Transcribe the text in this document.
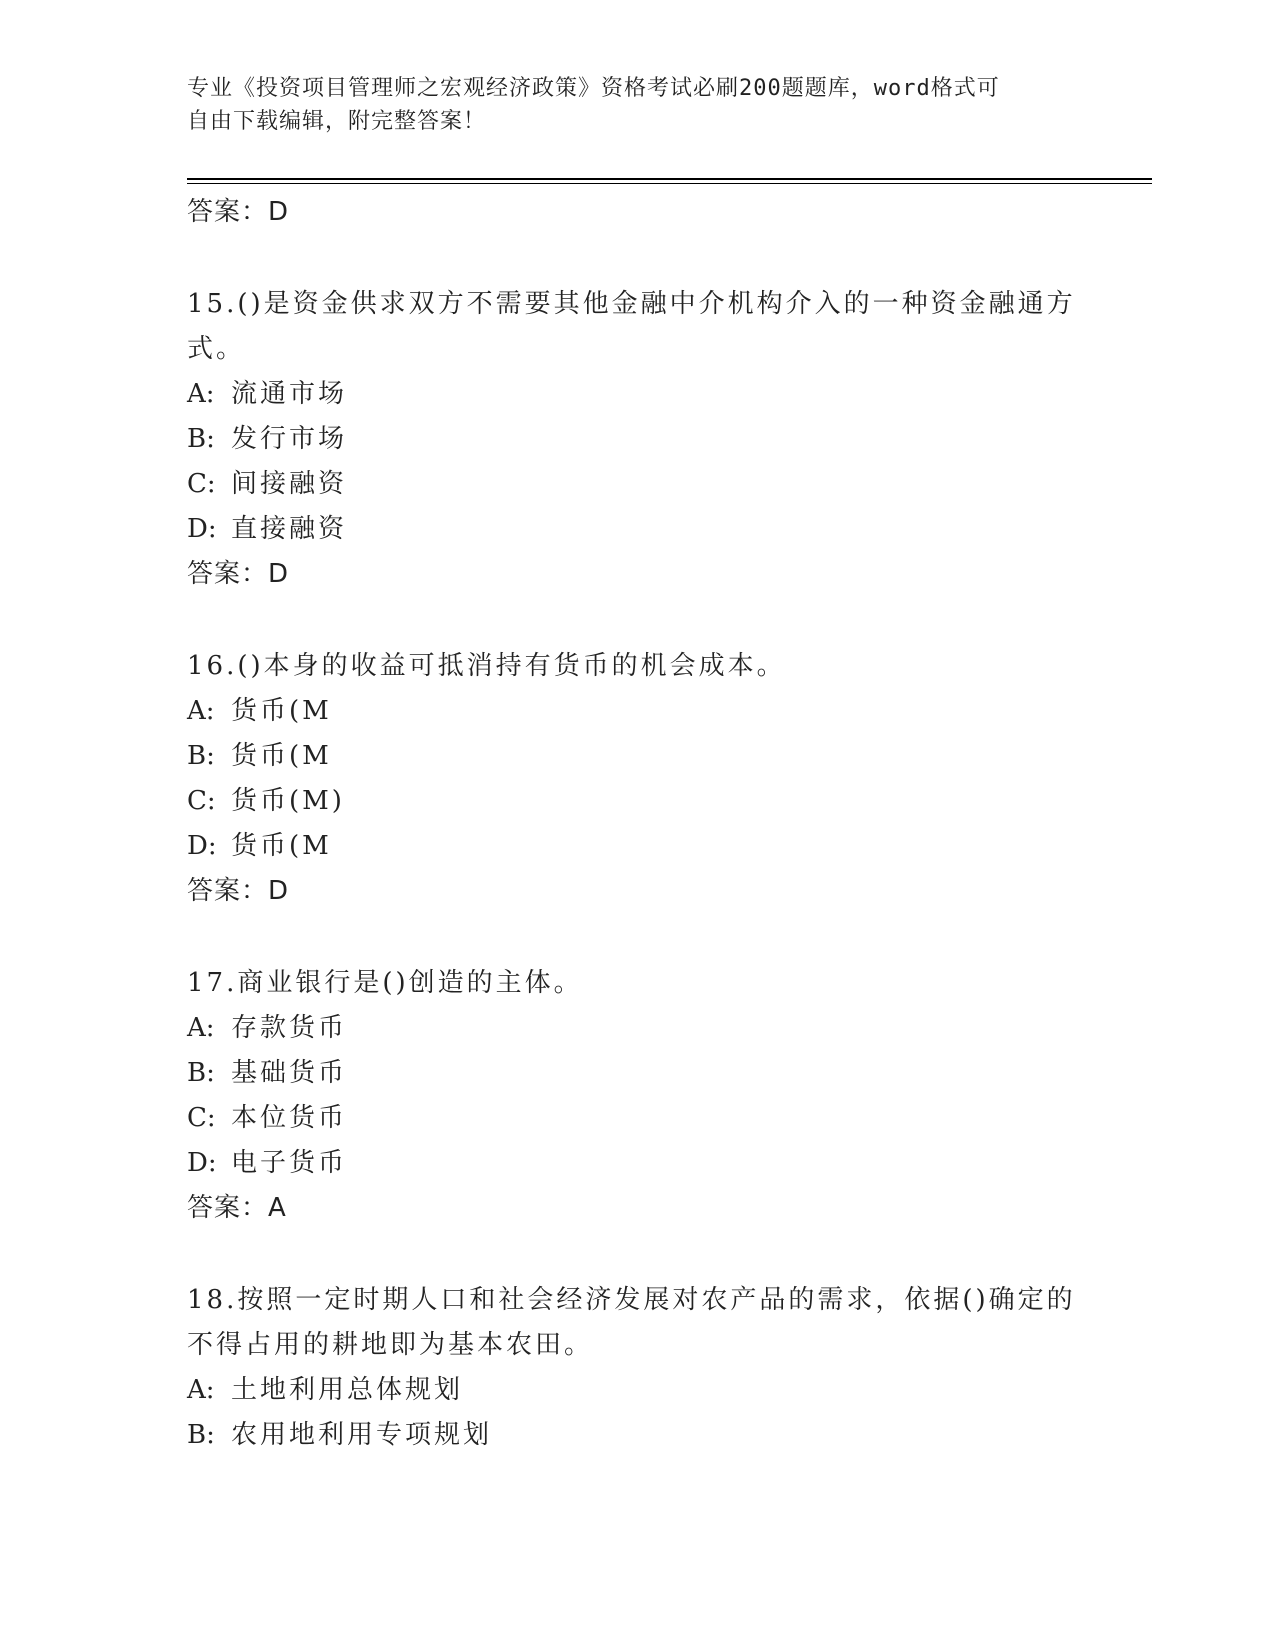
专业《投资项目管理师之宏观经济政策》资格考试必刷200题题库，word格式可
自由下载编辑，附完整答案！
答案：D
15.()是资金供求双方不需要其他金融中介机构介入的一种资金融通方
式。
A: 流通市场
B: 发行市场
C: 间接融资
D: 直接融资
答案：D
16.()本身的收益可抵消持有货币的机会成本。
A: 货币(M
B: 货币(M
C: 货币(M)
D: 货币(M
答案：D
17.商业银行是()创造的主体。
A: 存款货币
B: 基础货币
C: 本位货币
D: 电子货币
答案：A
18.按照一定时期人口和社会经济发展对农产品的需求，依据()确定的
不得占用的耕地即为基本农田。
A: 土地利用总体规划
B: 农用地利用专项规划
